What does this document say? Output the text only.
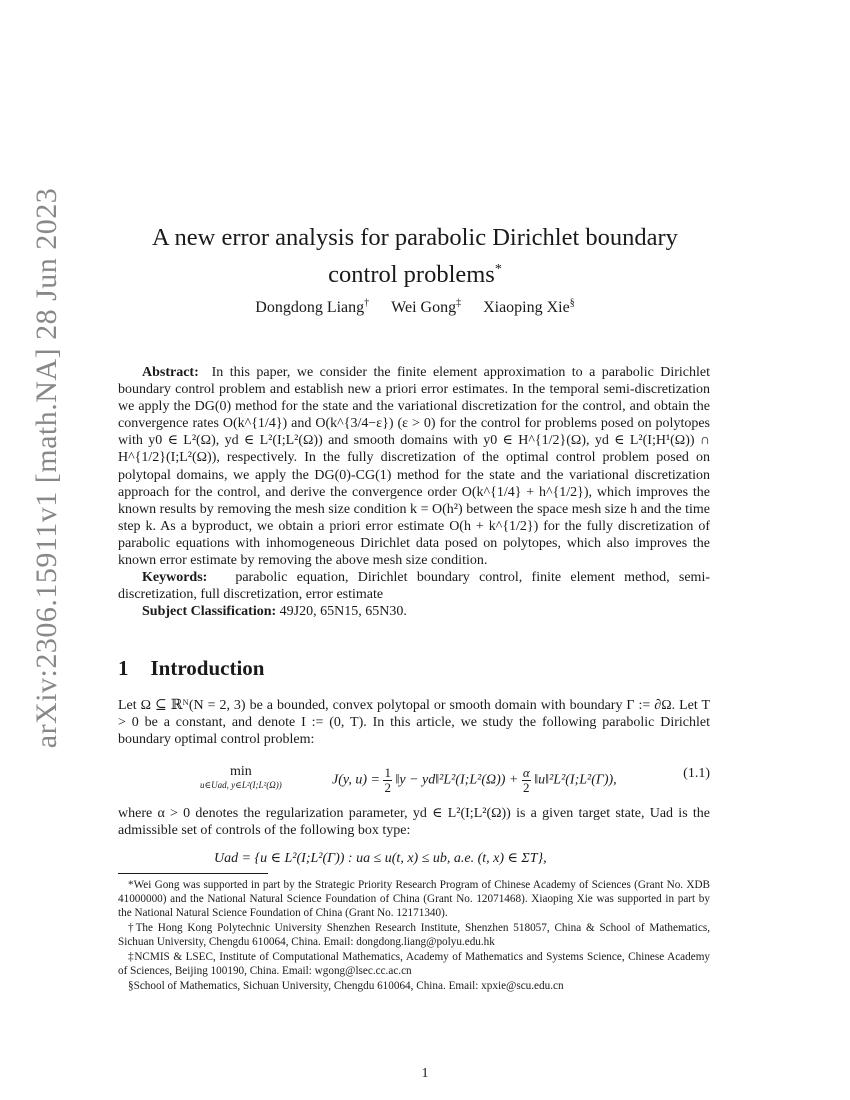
arXiv:2306.15911v1 [math.NA] 28 Jun 2023	A new error analysis for parabolic Dirichlet boundary
control problems*
Dongdong Liang† Wei Gong‡ Xiaoping Xie§

Abstract: In this paper, we consider the finite element approximation to a parabolic Dirichlet boundary control problem and establish new a priori error estimates. In the temporal semi-discretization we apply the DG(0) method for the state and the variational discretization for the control, and obtain the convergence rates O(k^{1/4}) and O(k^{3/4−ε}) (ε > 0) for the control for problems posed on polytopes with y0 ∈ L²(Ω), yd ∈ L²(I;L²(Ω)) and smooth domains with y0 ∈ H^{1/2}(Ω), yd ∈ L²(I;H¹(Ω)) ∩ H^{1/2}(I;L²(Ω)), respectively. In the fully discretization of the optimal control problem posed on polytopal domains, we apply the DG(0)-CG(1) method for the state and the variational discretization approach for the control, and derive the convergence order O(k^{1/4} + h^{1/2}), which improves the known results by removing the mesh size condition k = O(h²) between the space mesh size h and the time step k. As a byproduct, we obtain a priori error estimate O(h + k^{1/2}) for the fully discretization of parabolic equations with inhomogeneous Dirichlet data posed on polytopes, which also improves the known error estimate by removing the above mesh size condition.

Keywords: parabolic equation, Dirichlet boundary control, finite element method, semi-discretization, full discretization, error estimate

Subject Classification: 49J20, 65N15, 65N30.

1 Introduction

Let Ω ⊆ ℝᴺ(N = 2, 3) be a bounded, convex polytopal or smooth domain with boundary Γ := ∂Ω. Let T > 0 be a constant, and denote I := (0, T). In this article, we study the following parabolic Dirichlet boundary optimal control problem:

min
u∈Uad, y∈L²(I;L²(Ω))	J(y, $u) = \frac{1}{2}$ ‖y − yd‖²L²(I;L²(Ω)) + $\frac{\alpha}{2}$ ‖u‖²L²(I;L²(Γ)),	(1.1)

where α > 0 denotes the regularization parameter, yd ∈ L²(I;L²(Ω)) is a given target state, Uad is the admissible set of controls of the following box type:

Uad = {u ∈ L²(I;L²(Γ)) : ua ≤ u(t, x) ≤ ub, a.e. (t, x) ∈ ΣT},

*Wei Gong was supported in part by the Strategic Priority Research Program of Chinese Academy of Sciences (Grant No. XDB 41000000) and the National Natural Science Foundation of China (Grant No. 12071468). Xiaoping Xie was supported in part by the National Natural Science Foundation of China (Grant No. 12171340).

†The Hong Kong Polytechnic University Shenzhen Research Institute, Shenzhen 518057, China & School of Mathematics, Sichuan University, Chengdu 610064, China. Email: dongdong.liang@polyu.edu.hk

‡NCMIS & LSEC, Institute of Computational Mathematics, Academy of Mathematics and Systems Science, Chinese Academy of Sciences, Beijing 100190, China. Email: wgong@lsec.cc.ac.cn

§School of Mathematics, Sichuan University, Chengdu 610064, China. Email: xpxie@scu.edu.cn

1
